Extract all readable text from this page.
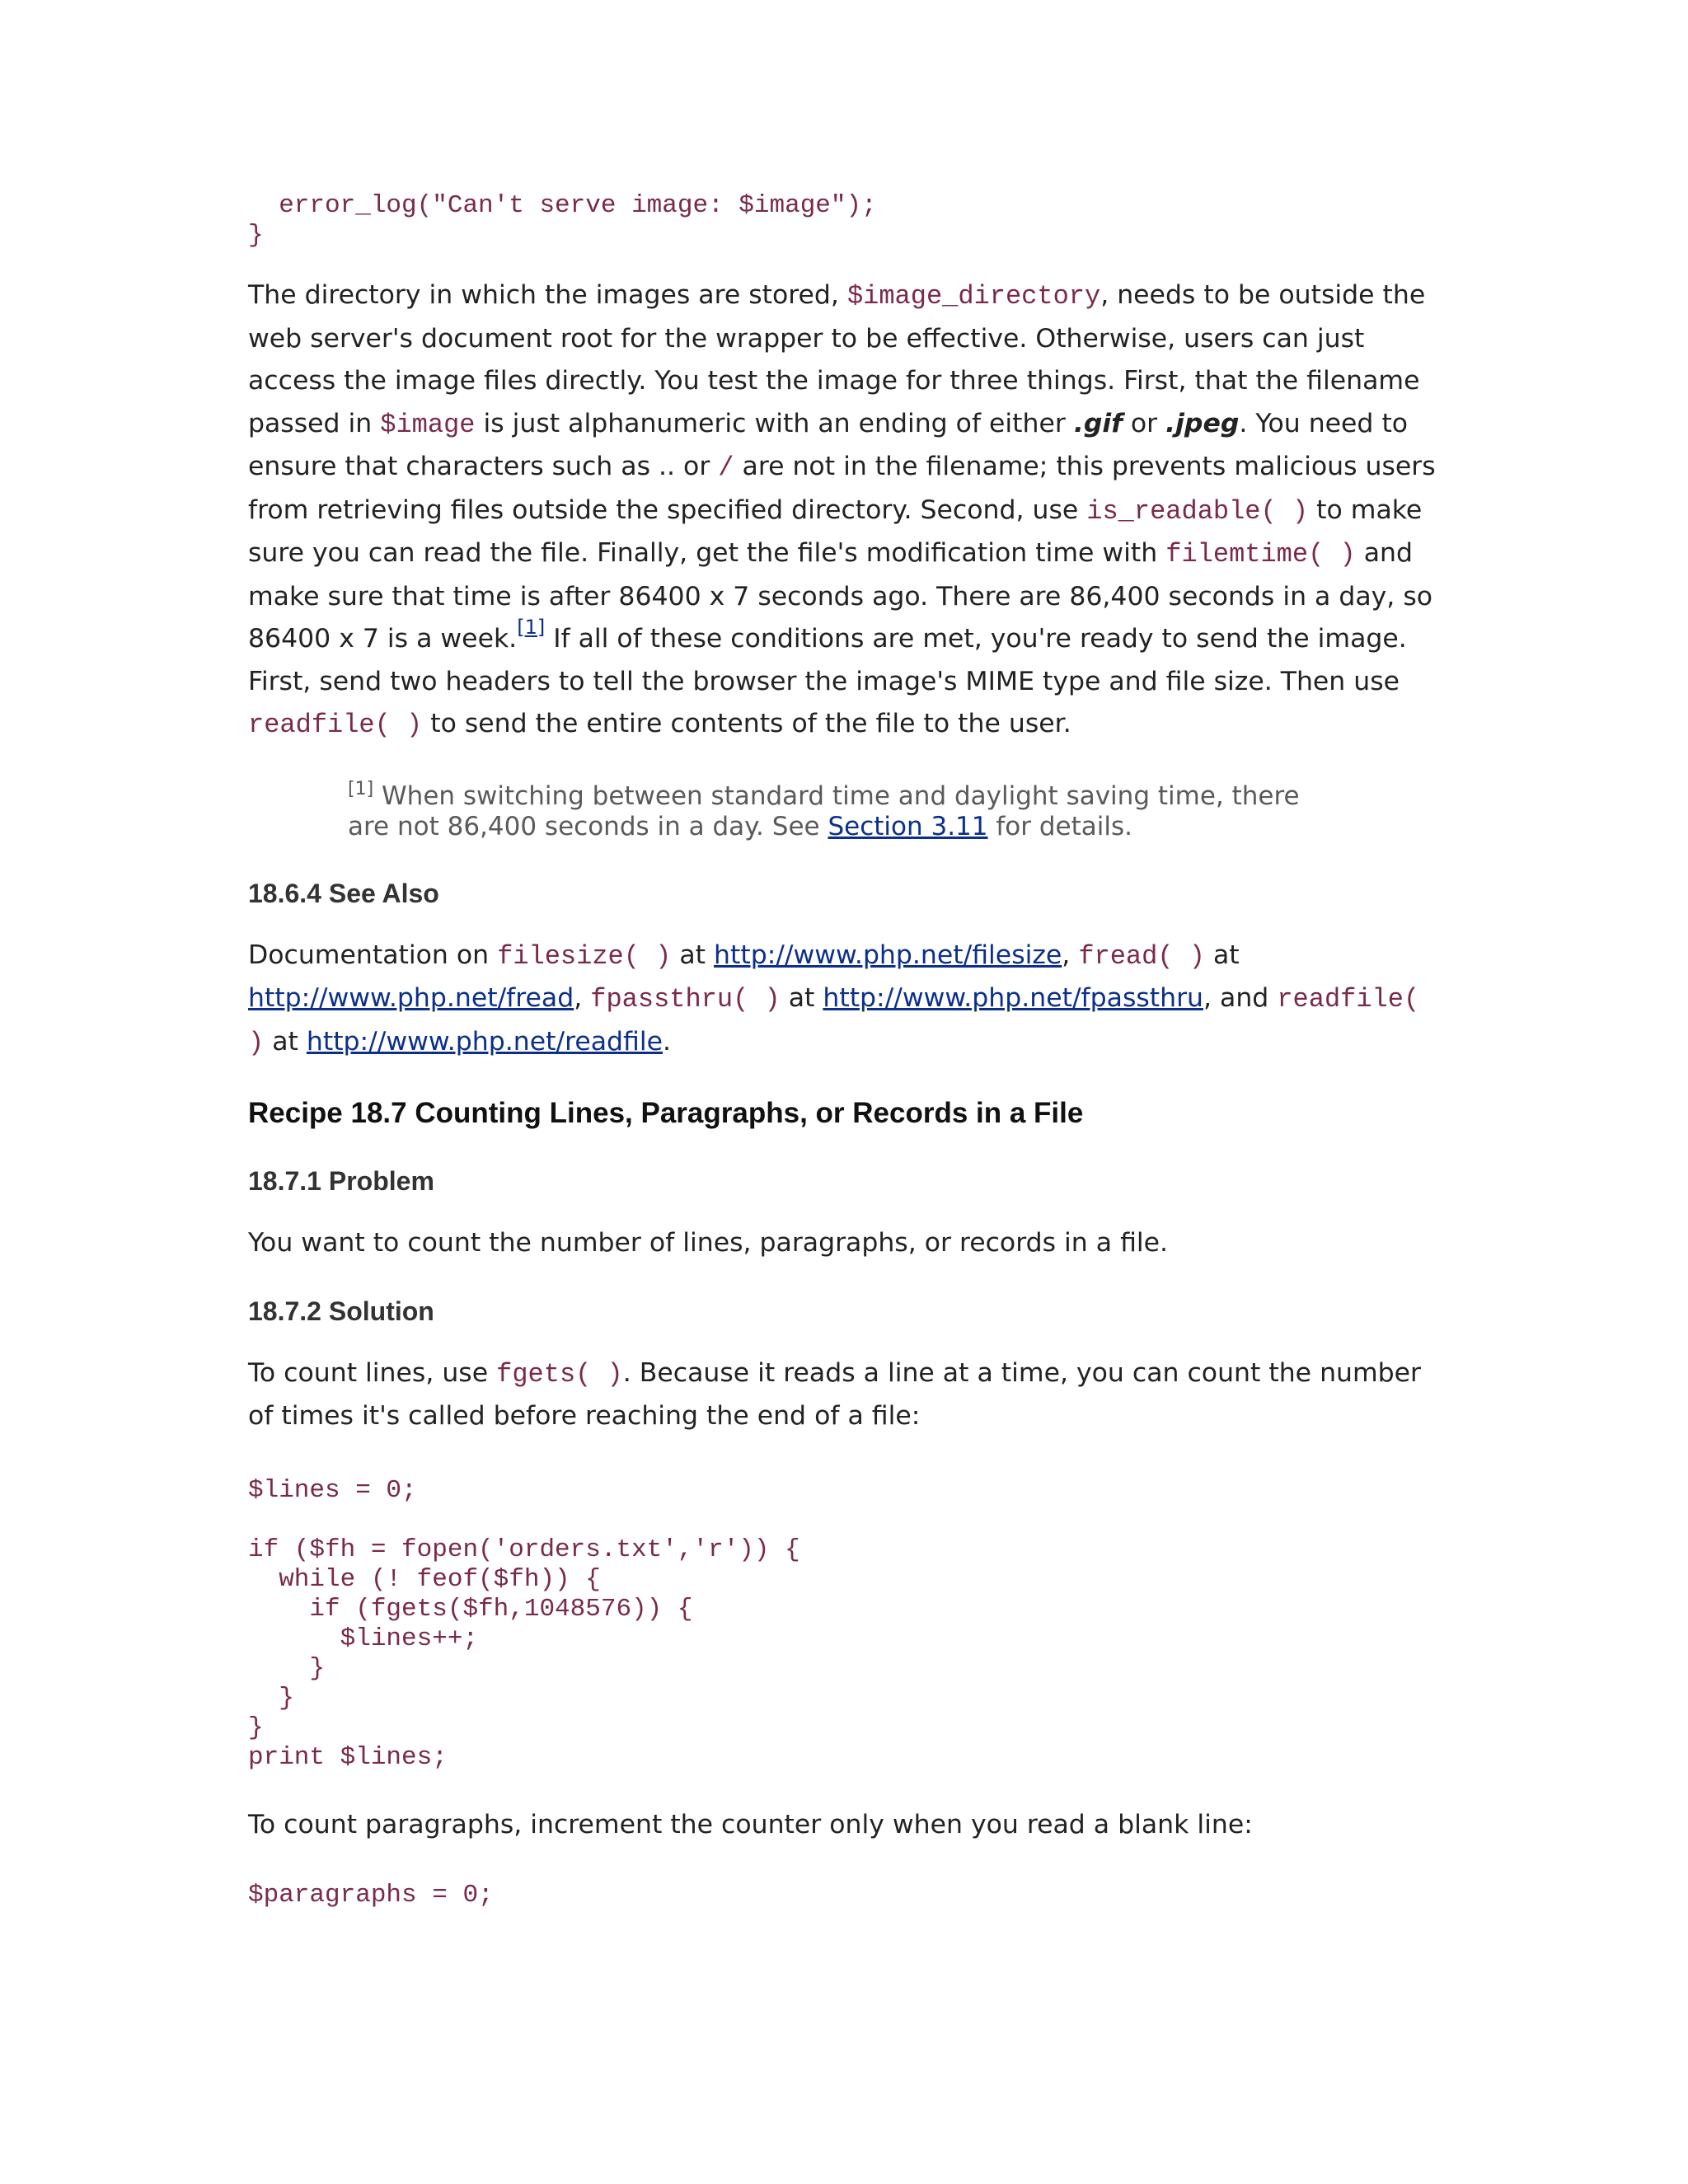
error_log("Can't serve image: $image");
}

The directory in which the images are stored, $image_directory, needs to be outside the web server's document root for the wrapper to be effective. Otherwise, users can just access the image files directly. You test the image for three things. First, that the filename passed in $image is just alphanumeric with an ending of either .gif or .jpeg. You need to ensure that characters such as .. or / are not in the filename; this prevents malicious users from retrieving files outside the specified directory. Second, use is_readable( ) to make sure you can read the file. Finally, get the file's modification time with filemtime( ) and make sure that time is after 86400 x 7 seconds ago. There are 86,400 seconds in a day, so 86400 x 7 is a week.[1] If all of these conditions are met, you're ready to send the image. First, send two headers to tell the browser the image's MIME type and file size. Then use readfile( ) to send the entire contents of the file to the user.

[1] When switching between standard time and daylight saving time, there are not 86,400 seconds in a day. See Section 3.11 for details.

18.6.4 See Also

Documentation on filesize( ) at http://www.php.net/filesize, fread( ) at http://www.php.net/fread, fpassthru( ) at http://www.php.net/fpassthru, and readfile( ) at http://www.php.net/readfile.

Recipe 18.7 Counting Lines, Paragraphs, or Records in a File
18.7.1 Problem

You want to count the number of lines, paragraphs, or records in a file.

18.7.2 Solution

To count lines, use fgets( ). Because it reads a line at a time, you can count the number of times it's called before reaching the end of a file:

$lines = 0;

if ($fh = fopen('orders.txt','r')) {
while (! feof($fh)) {
if (fgets($fh,1048576)) {
$lines++;
}
}
}
print $lines;

To count paragraphs, increment the counter only when you read a blank line:

$paragraphs = 0;
